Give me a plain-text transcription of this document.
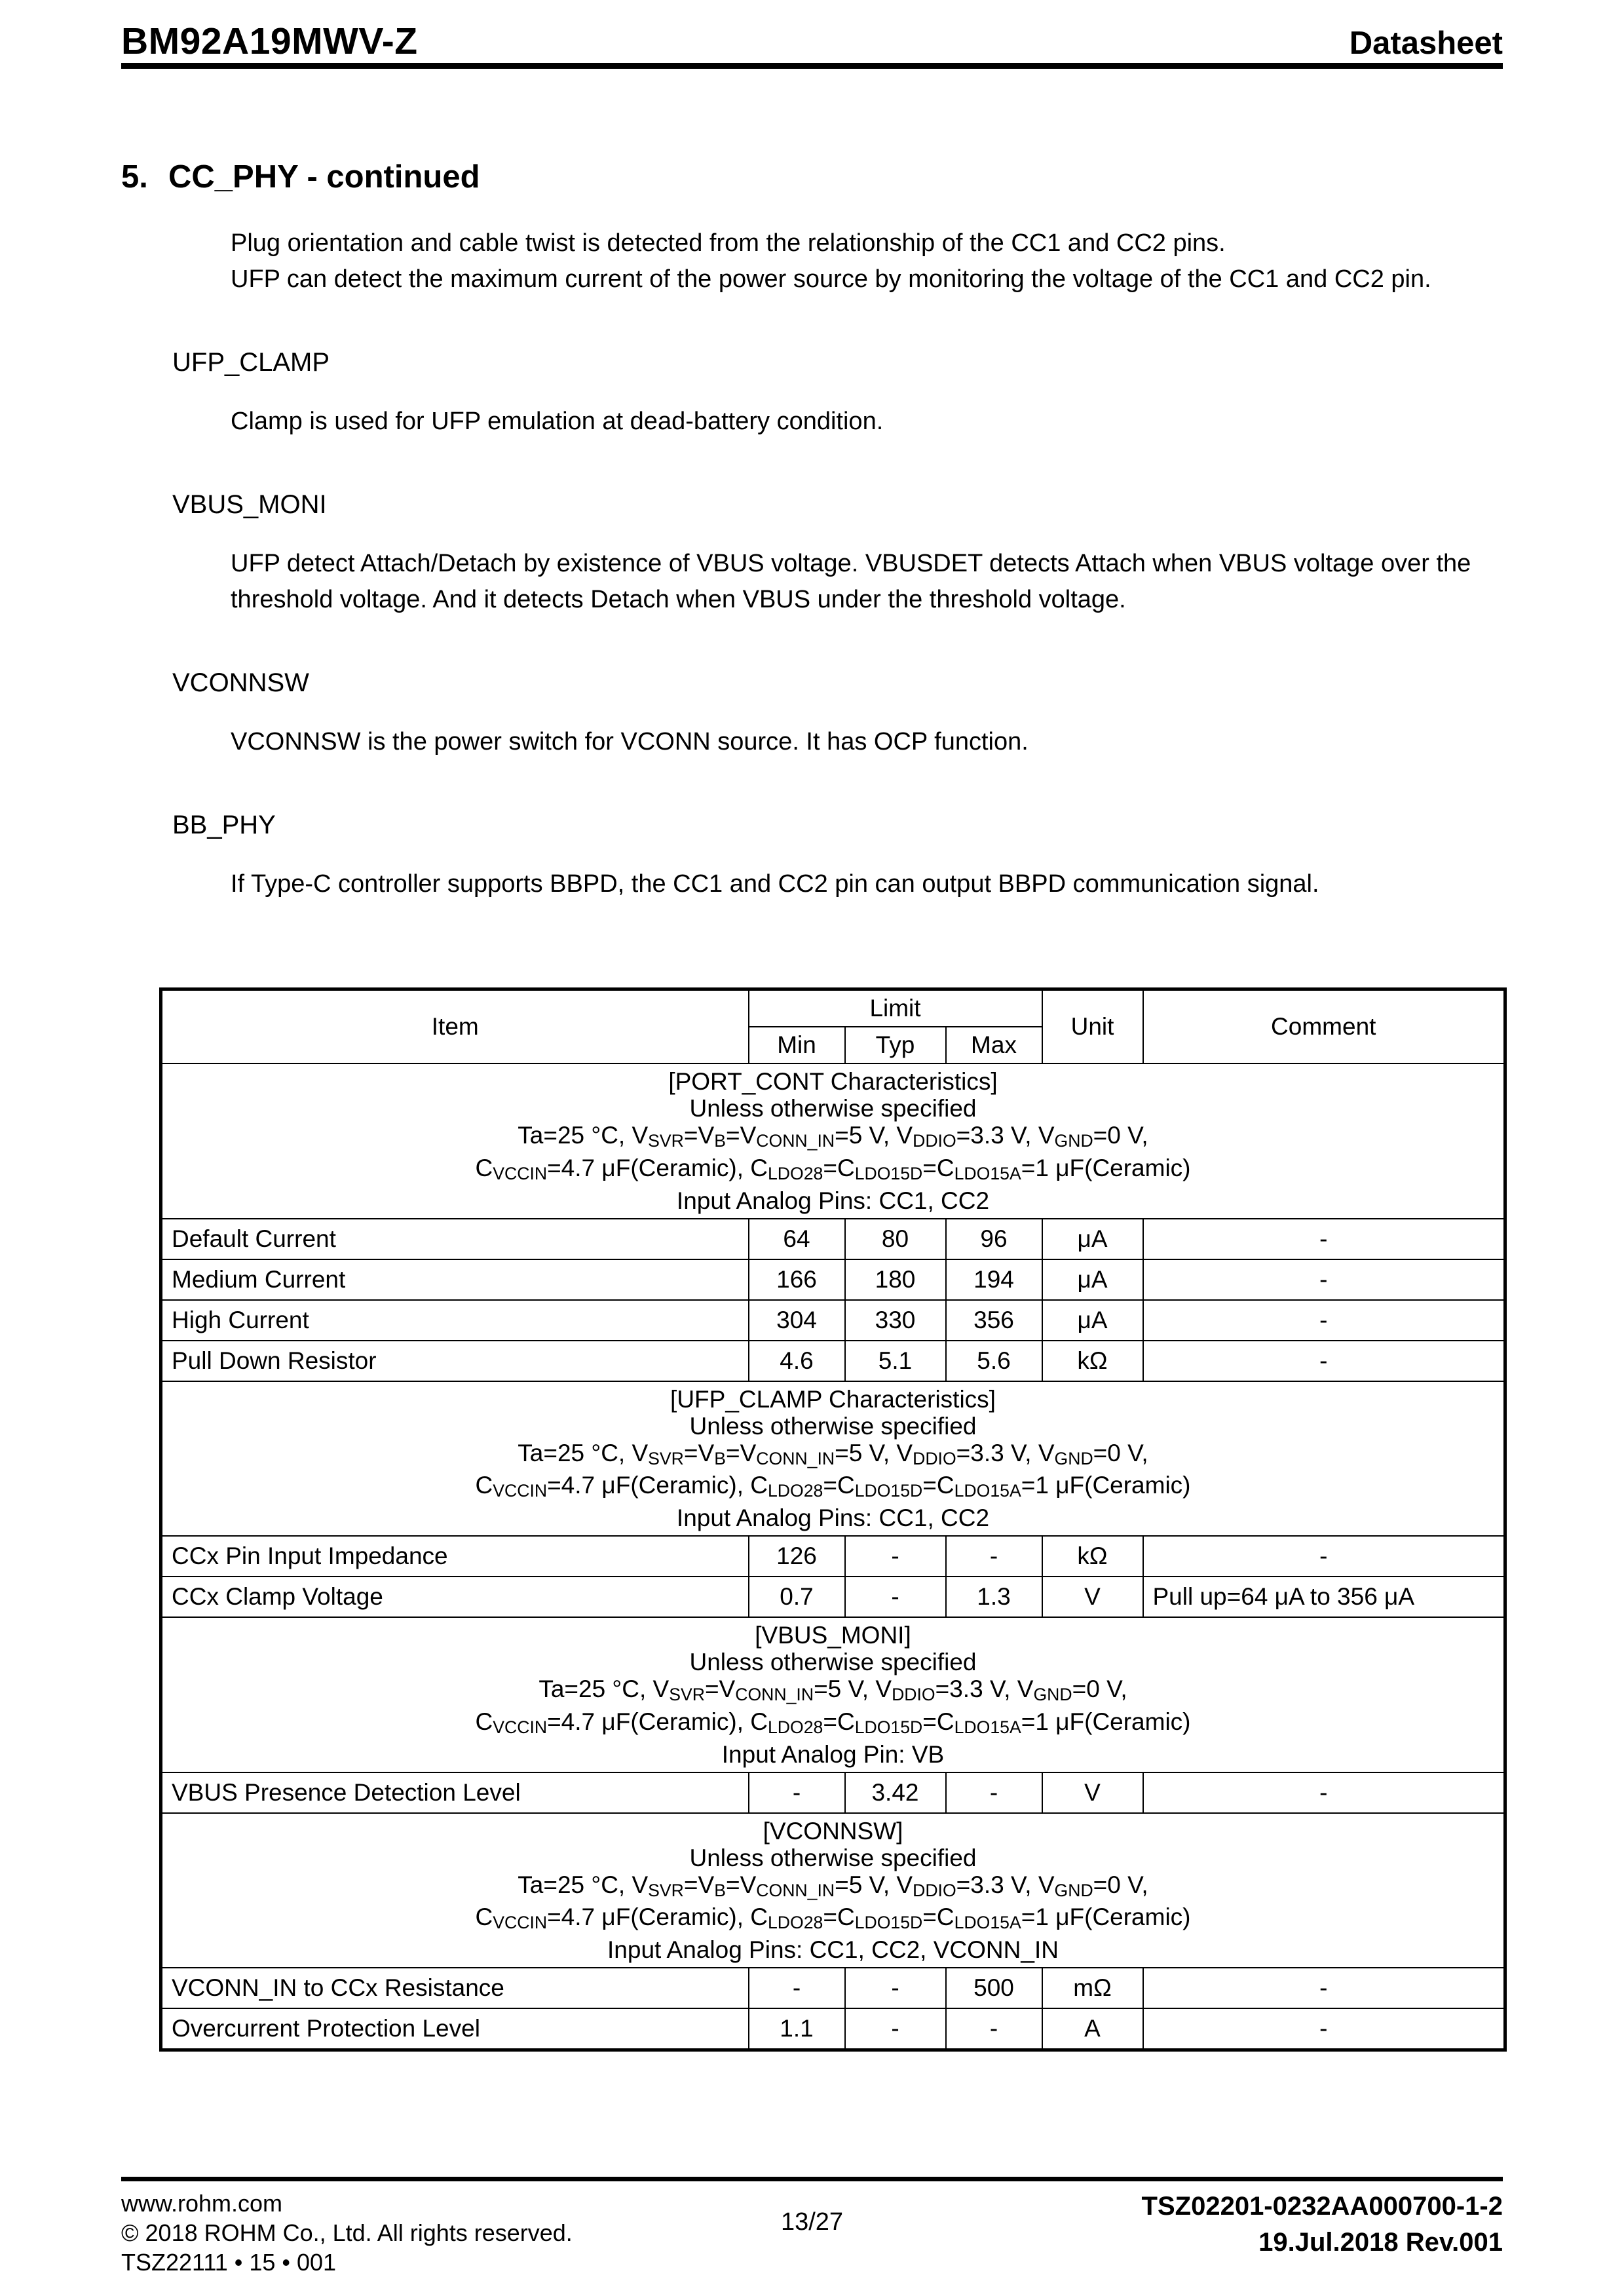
BM92A19MWV-Z	Datasheet
5. CC_PHY - continued
Plug orientation and cable twist is detected from the relationship of the CC1 and CC2 pins.
UFP can detect the maximum current of the power source by monitoring the voltage of the CC1 and CC2 pin.
UFP_CLAMP
Clamp is used for UFP emulation at dead-battery condition.
VBUS_MONI
UFP detect Attach/Detach by existence of VBUS voltage. VBUSDET detects Attach when VBUS voltage over the
threshold voltage. And it detects Detach when VBUS under the threshold voltage.
VCONNSW
VCONNSW is the power switch for VCONN source. It has OCP function.
BB_PHY
If Type-C controller supports BBPD, the CC1 and CC2 pin can output BBPD communication signal.
Item	Limit			Unit	Comment
	Min	Typ	Max		

[PORT_CONT Characteristics]
Unless otherwise specified
Ta=25 °C, VSVR=VB=VCONN_IN=5 V, VDDIO=3.3 V, VGND=0 V,
CVCCIN=4.7 μF(Ceramic), CLDO28=CLDO15D=CLDO15A=1 μF(Ceramic)
Input Analog Pins: CC1, CC2					

Default Current	64	80	96	μA	-
Medium Current	166	180	194	μA	-
High Current	304	330	356	μA	-
Pull Down Resistor	4.6	5.1	5.6	kΩ	-

[UFP_CLAMP Characteristics]
Unless otherwise specified
Ta=25 °C, VSVR=VB=VCONN_IN=5 V, VDDIO=3.3 V, VGND=0 V,
CVCCIN=4.7 μF(Ceramic), CLDO28=CLDO15D=CLDO15A=1 μF(Ceramic)
Input Analog Pins: CC1, CC2					

CCx Pin Input Impedance	126	-	-	kΩ	-
CCx Clamp Voltage	0.7	-	1.3	V	Pull up=64 μA to 356 μA

[VBUS_MONI]
Unless otherwise specified
Ta=25 °C, VSVR=VCONN_IN=5 V, VDDIO=3.3 V, VGND=0 V,
CVCCIN=4.7 μF(Ceramic), CLDO28=CLDO15D=CLDO15A=1 μF(Ceramic)
Input Analog Pin: VB					

VBUS Presence Detection Level	-	3.42	-	V	-

[VCONNSW]
Unless otherwise specified
Ta=25 °C, VSVR=VB=VCONN_IN=5 V, VDDIO=3.3 V, VGND=0 V,
CVCCIN=4.7 μF(Ceramic), CLDO28=CLDO15D=CLDO15A=1 μF(Ceramic)
Input Analog Pins: CC1, CC2, VCONN_IN					

VCONN_IN to CCx Resistance	-	-	500	mΩ	-
Overcurrent Protection Level	1.1	-	-	A	-
www.rohm.com
© 2018 ROHM Co., Ltd. All rights reserved.
TSZ22111 • 15 • 001
13/27
TSZ02201-0232AA000700-1-2
19.Jul.2018 Rev.001
